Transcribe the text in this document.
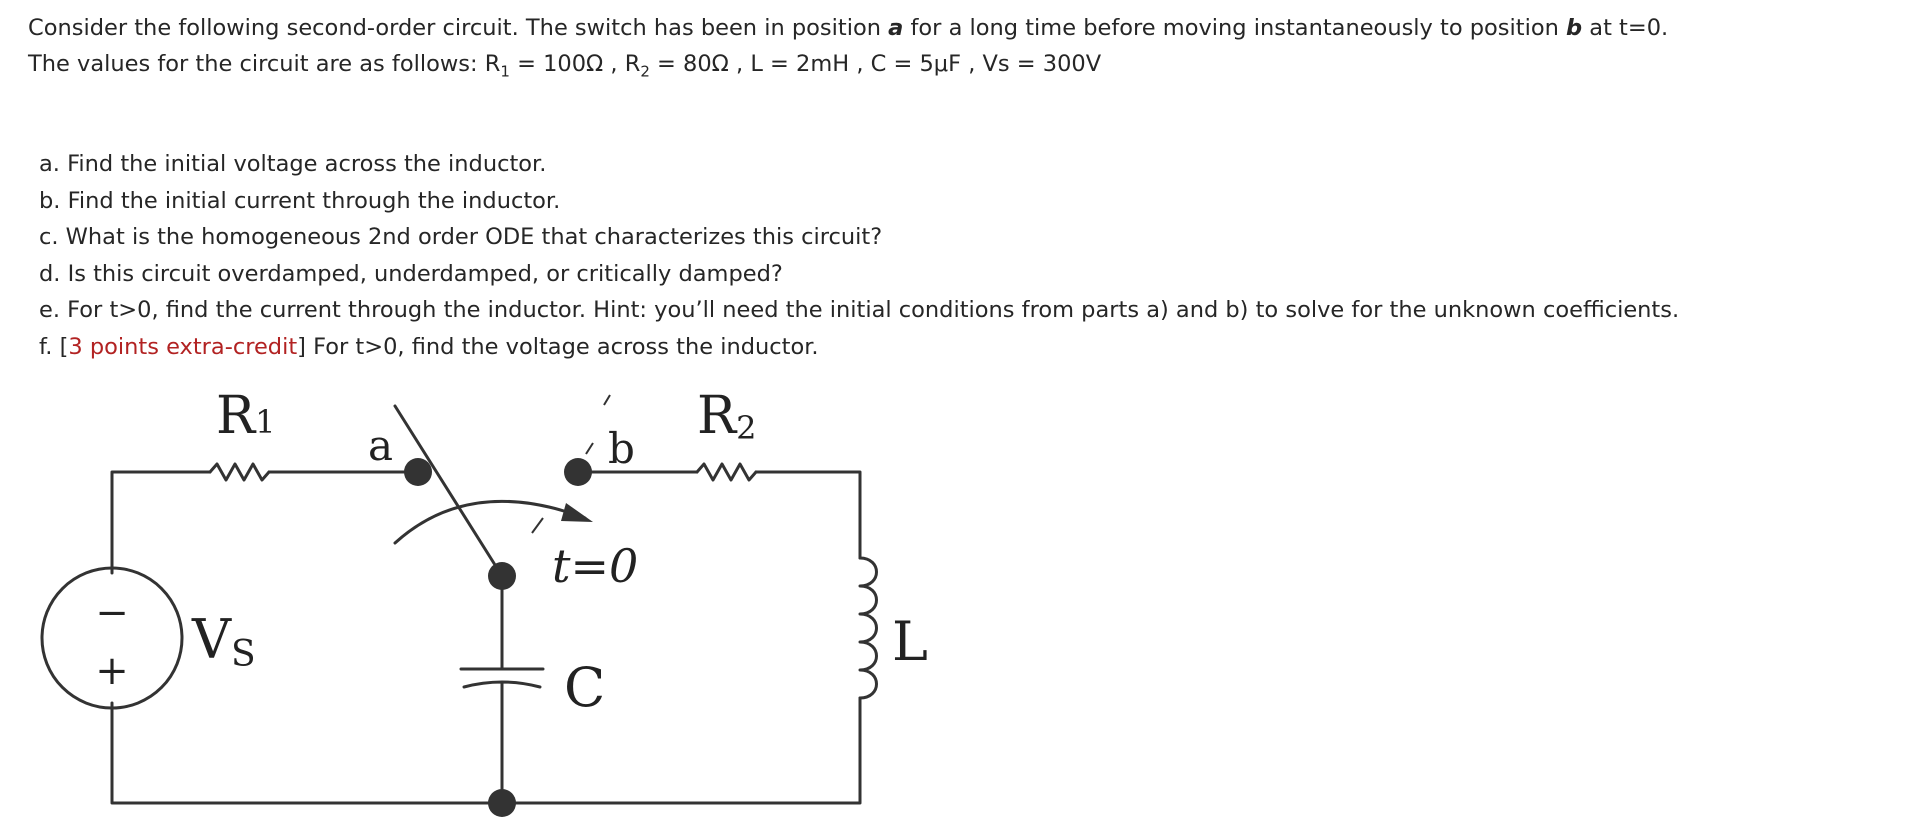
Consider the following second-order circuit. The switch has been in position a for a long time before moving instantaneously to position b at t=0.
The values for the circuit are as follows: $R_1 = 100\Omega$ , $R_2 = 80\Omega$ , L = 2mH , C = 5μF , Vs = 300V
a. Find the initial voltage across the inductor.
b. Find the initial current through the inductor.
c. What is the homogeneous 2nd order ODE that characterizes this circuit?
d. Is this circuit overdamped, underdamped, or critically damped?
e. For t>0, find the current through the inductor. Hint: you’ll need the initial conditions from parts a) and b) to solve for the unknown coefficients.
f. [3 points extra-credit] For t>0, find the voltage across the inductor.
−
+
R1	R2
a	b
t=0
VS
C
L
